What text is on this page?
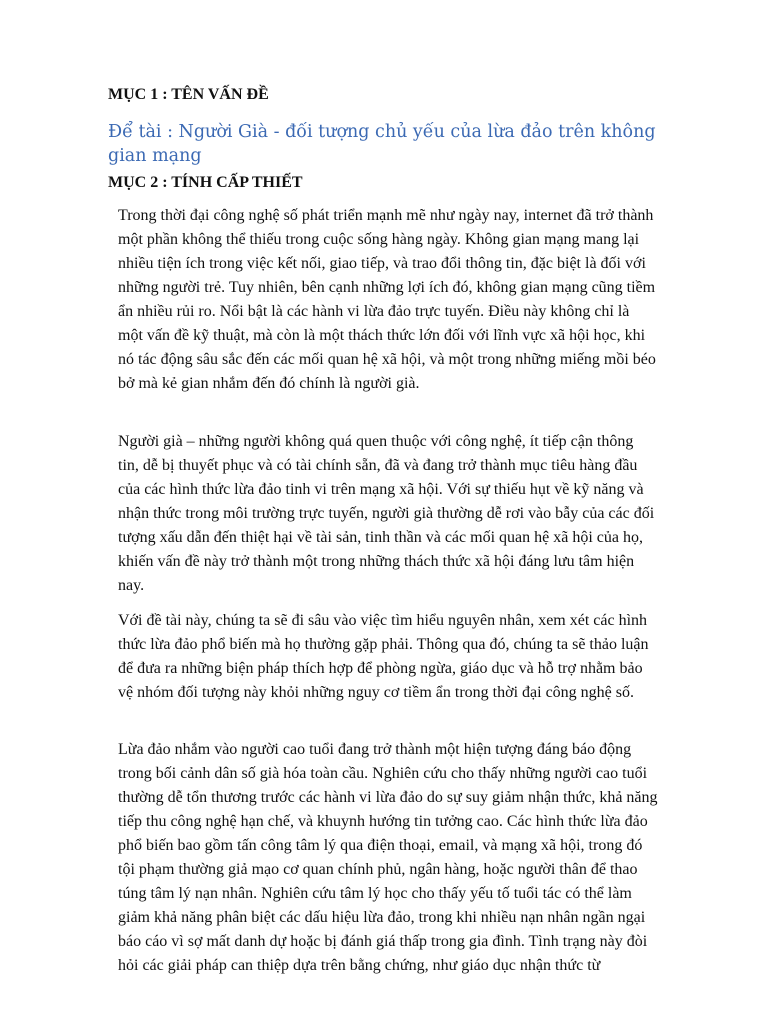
MỤC 1 : TÊN VẤN ĐỀ
Để tài : Người Già - đối tượng chủ yếu của lừa đảo trên không gian mạng
MỤC 2 : TÍNH CẤP THIẾT

Trong thời đại công nghệ số phát triển mạnh mẽ như ngày nay, internet đã trở thành một phần không thể thiếu trong cuộc sống hàng ngày. Không gian mạng mang lại nhiều tiện ích trong việc kết nối, giao tiếp, và trao đổi thông tin, đặc biệt là đối với những người trẻ. Tuy nhiên, bên cạnh những lợi ích đó, không gian mạng cũng tiềm ẩn nhiều rủi ro. Nổi bật là các hành vi lừa đảo trực tuyến. Điều này không chỉ là một vấn đề kỹ thuật, mà còn là một thách thức lớn đối với lĩnh vực xã hội học, khi nó tác động sâu sắc đến các mối quan hệ xã hội, và một trong những miếng mồi béo bở mà kẻ gian nhắm đến đó chính là người già.

Người già – những người không quá quen thuộc với công nghệ, ít tiếp cận thông tin, dễ bị thuyết phục và có tài chính sẵn, đã và đang trở thành mục tiêu hàng đầu của các hình thức lừa đảo tinh vi trên mạng xã hội. Với sự thiếu hụt về kỹ năng và nhận thức trong môi trường trực tuyến, người già thường dễ rơi vào bẫy của các đối tượng xấu dẫn đến thiệt hại về tài sản, tinh thần và các mối quan hệ xã hội của họ, khiến vấn đề này trở thành một trong những thách thức xã hội đáng lưu tâm hiện nay.

Với đề tài này, chúng ta sẽ đi sâu vào việc tìm hiểu nguyên nhân, xem xét các hình thức lừa đảo phổ biến mà họ thường gặp phải. Thông qua đó, chúng ta sẽ thảo luận để đưa ra những biện pháp thích hợp để phòng ngừa, giáo dục và hỗ trợ nhằm bảo vệ nhóm đối tượng này khỏi những nguy cơ tiềm ẩn trong thời đại công nghệ số.

Lừa đảo nhắm vào người cao tuổi đang trở thành một hiện tượng đáng báo động trong bối cảnh dân số già hóa toàn cầu. Nghiên cứu cho thấy những người cao tuổi thường dễ tổn thương trước các hành vi lừa đảo do sự suy giảm nhận thức, khả năng tiếp thu công nghệ hạn chế, và khuynh hướng tin tưởng cao. Các hình thức lừa đảo phổ biến bao gồm tấn công tâm lý qua điện thoại, email, và mạng xã hội, trong đó tội phạm thường giả mạo cơ quan chính phủ, ngân hàng, hoặc người thân để thao túng tâm lý nạn nhân. Nghiên cứu tâm lý học cho thấy yếu tố tuổi tác có thể làm giảm khả năng phân biệt các dấu hiệu lừa đảo, trong khi nhiều nạn nhân ngần ngại báo cáo vì sợ mất danh dự hoặc bị đánh giá thấp trong gia đình. Tình trạng này đòi hỏi các giải pháp can thiệp dựa trên bằng chứng, như giáo dục nhận thức từ
